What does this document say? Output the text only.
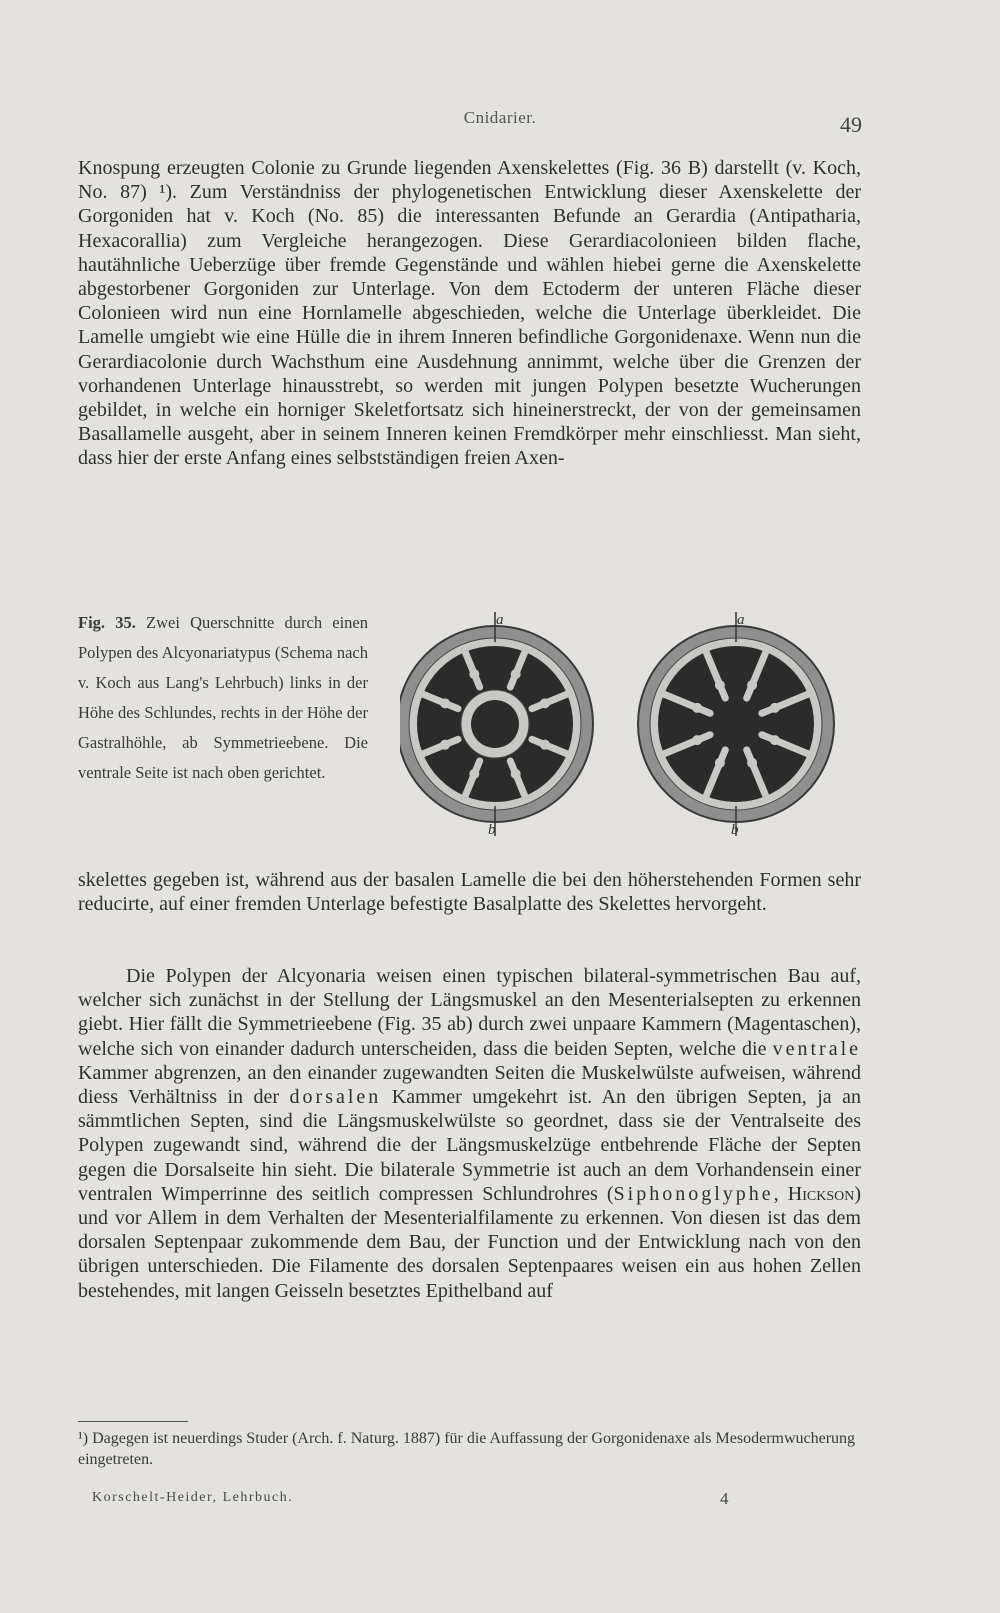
Cnidarier.	49

Knospung erzeugten Colonie zu Grunde liegenden Axenskelettes (Fig. 36 B) darstellt (v. Koch, No. 87) ¹). Zum Verständniss der phylogenetischen Entwicklung dieser Axenskelette der Gorgoniden hat v. Koch (No. 85) die interessanten Befunde an Gerardia (Antipatharia, Hexacorallia) zum Vergleiche herangezogen. Diese Gerardiacolonieen bilden flache, hautähnliche Ueberzüge über fremde Gegenstände und wählen hiebei gerne die Axenskelette abgestorbener Gorgoniden zur Unterlage. Von dem Ectoderm der unteren Fläche dieser Colonieen wird nun eine Hornlamelle abgeschieden, welche die Unterlage überkleidet. Die Lamelle umgiebt wie eine Hülle die in ihrem Inneren befindliche Gorgonidenaxe. Wenn nun die Gerardiacolonie durch Wachsthum eine Ausdehnung annimmt, welche über die Grenzen der vorhandenen Unterlage hinausstrebt, so werden mit jungen Polypen besetzte Wucherungen gebildet, in welche ein horniger Skeletfortsatz sich hineinerstreckt, der von der gemeinsamen Basallamelle ausgeht, aber in seinem Inneren keinen Fremdkörper mehr einschliesst. Man sieht, dass hier der erste Anfang eines selbstständigen freien Axen-

Fig. 35. Zwei Querschnitte durch einen Polypen des Alcyonariatypus (Schema nach v. Koch aus Lang's Lehrbuch) links in der Höhe des Schlundes, rechts in der Höhe der Gastralhöhle, ab Symmetrieebene. Die ventrale Seite ist nach oben gerichtet.
a
b
a
b

skelettes gegeben ist, während aus der basalen Lamelle die bei den höherstehenden Formen sehr reducirte, auf einer fremden Unterlage befestigte Basalplatte des Skelettes hervorgeht.

Die Polypen der Alcyonaria weisen einen typischen bilateral-symmetrischen Bau auf, welcher sich zunächst in der Stellung der Längsmuskel an den Mesenterialsepten zu erkennen giebt. Hier fällt die Symmetrieebene (Fig. 35 ab) durch zwei unpaare Kammern (Magentaschen), welche sich von einander dadurch unterscheiden, dass die beiden Septen, welche die ventrale Kammer abgrenzen, an den einander zugewandten Seiten die Muskelwülste aufweisen, während diess Verhältniss in der dorsalen Kammer umgekehrt ist. An den übrigen Septen, ja an sämmtlichen Septen, sind die Längsmuskelwülste so geordnet, dass sie der Ventralseite des Polypen zugewandt sind, während die der Längsmuskelzüge entbehrende Fläche der Septen gegen die Dorsalseite hin sieht. Die bilaterale Symmetrie ist auch an dem Vorhandensein einer ventralen Wimperrinne des seitlich compressen Schlundrohres (Siphonoglyphe, Hickson) und vor Allem in dem Verhalten der Mesenterialfilamente zu erkennen. Von diesen ist das dem dorsalen Septenpaar zukommende dem Bau, der Function und der Entwicklung nach von den übrigen unterschieden. Die Filamente des dorsalen Septenpaares weisen ein aus hohen Zellen bestehendes, mit langen Geisseln besetztes Epithelband auf

¹) Dagegen ist neuerdings Studer (Arch. f. Naturg. 1887) für die Auffassung der Gorgonidenaxe als Mesodermwucherung eingetreten.
Korschelt-Heider, Lehrbuch.	4
